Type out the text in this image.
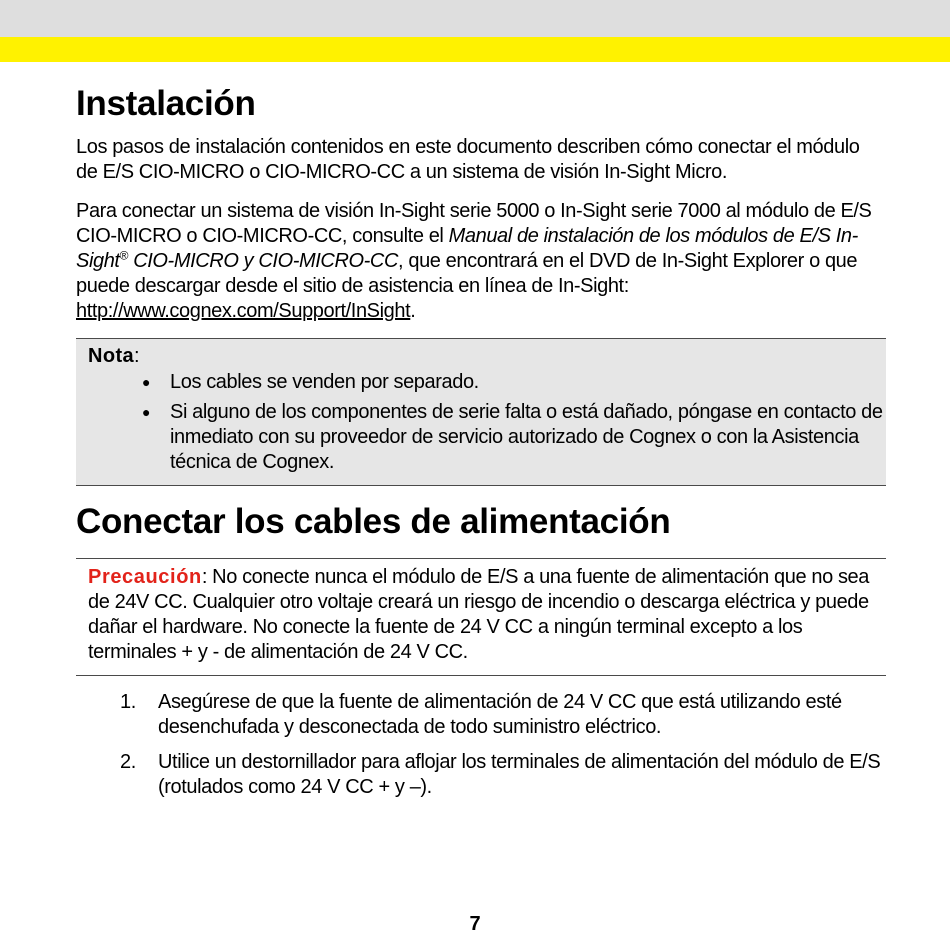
Instalación

Los pasos de instalación contenidos en este documento describen cómo conectar el módulo de E/S CIO-MICRO o CIO-MICRO-CC a un sistema de visión In-Sight Micro.

Para conectar un sistema de visión In-Sight serie 5000 o In-Sight serie 7000 al módulo de E/S CIO-MICRO o CIO-MICRO-CC, consulte el Manual de instalación de los módulos de E/S In-Sight® CIO-MICRO y CIO-MICRO-CC, que encontrará en el DVD de In-Sight Explorer o que puede descargar desde el sitio de asistencia en línea de In-Sight: http://www.cognex.com/Support/InSight.

Nota:
● Los cables se venden por separado.
● Si alguno de los componentes de serie falta o está dañado, póngase en contacto de inmediato con su proveedor de servicio autorizado de Cognex o con la Asistencia técnica de Cognex.
Conectar los cables de alimentación

Precaución: No conecte nunca el módulo de E/S a una fuente de alimentación que no sea de 24V CC. Cualquier otro voltaje creará un riesgo de incendio o descarga eléctrica y puede dañar el hardware. No conecte la fuente de 24 V CC a ningún terminal excepto a los terminales + y - de alimentación de 24 V CC.

1. Asegúrese de que la fuente de alimentación de 24 V CC que está utilizando esté desenchufada y desconectada de todo suministro eléctrico.
2. Utilice un destornillador para aflojar los terminales de alimentación del módulo de E/S (rotulados como 24 V CC + y –).
7
